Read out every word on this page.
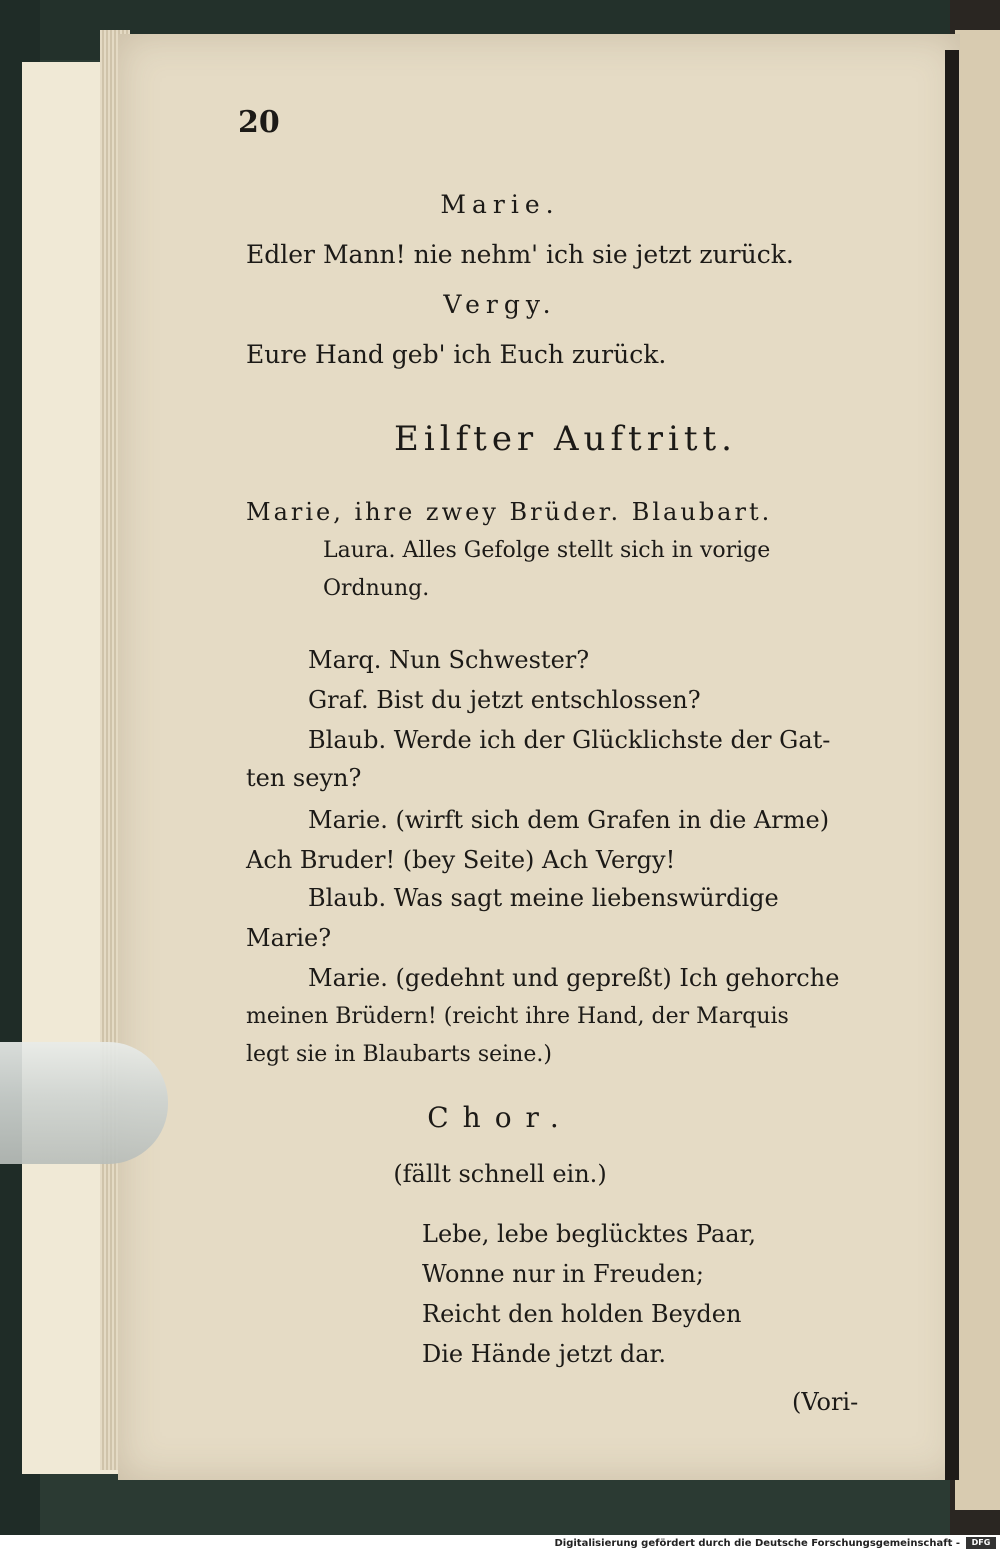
20
Marie.
Edler Mann! nie nehm' ich sie jetzt zurück.
Vergy.
Eure Hand geb' ich Euch zurück.
Eilfter Auftritt.
Marie, ihre zwey Brüder. Blaubart.
Laura. Alles Gefolge stellt sich in vorige
Ordnung.
Marq. Nun Schwester?
Graf. Bist du jetzt entschlossen?
Blaub. Werde ich der Glücklichste der Gat-
ten seyn?
Marie. (wirft sich dem Grafen in die Arme)
Ach Bruder! (bey Seite) Ach Vergy!
Blaub. Was sagt meine liebenswürdige
Marie?
Marie. (gedehnt und gepreßt) Ich gehorche
meinen Brüdern! (reicht ihre Hand, der Marquis
legt sie in Blaubarts seine.)
Chor.
(fällt schnell ein.)
Lebe, lebe beglücktes Paar,
Wonne nur in Freuden;
Reicht den holden Beyden
Die Hände jetzt dar.
(Vori-
Digitalisierung gefördert durch die Deutsche Forschungsgemeinschaft -	DFG
